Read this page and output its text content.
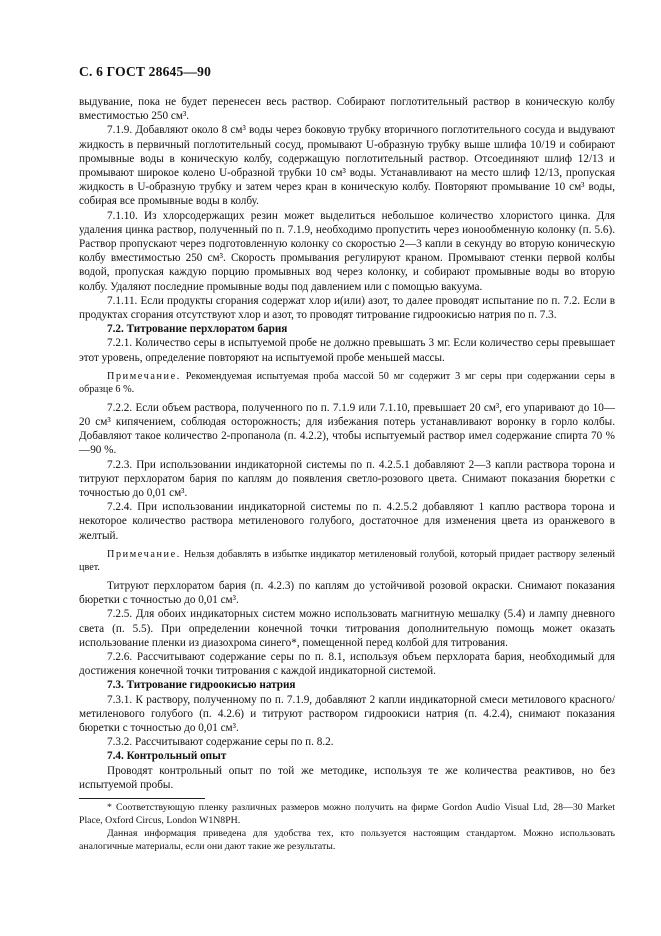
С. 6 ГОСТ 28645—90

выдувание, пока не будет перенесен весь раствор. Собирают поглотительный раствор в коническую колбу вместимостью 250 см³.

7.1.9. Добавляют около 8 см³ воды через боковую трубку вторичного поглотительного сосуда и выдувают жидкость в первичный поглотительный сосуд, промывают U-образную трубку выше шлифа 10/19 и собирают промывные воды в коническую колбу, содержащую поглотительный раствор. Отсоединяют шлиф 12/13 и промывают широкое колено U-образной трубки 10 см³ воды. Устанавливают на место шлиф 12/13, пропуская жидкость в U-образную трубку и затем через кран в коническую колбу. Повторяют промывание 10 см³ воды, собирая все промывные воды в колбу.

7.1.10. Из хлорсодержащих резин может выделиться небольшое количество хлористого цинка. Для удаления цинка раствор, полученный по п. 7.1.9, необходимо пропустить через ионообменную колонку (п. 5.6). Раствор пропускают через подготовленную колонку со скоростью 2—3 капли в секунду во вторую коническую колбу вместимостью 250 см³. Скорость промывания регулируют краном. Промывают стенки первой колбы водой, пропуская каждую порцию промывных вод через колонку, и собирают промывные воды во вторую колбу. Удаляют последние промывные воды под давлением или с помощью вакуума.

7.1.11. Если продукты сгорания содержат хлор и(или) азот, то далее проводят испытание по п. 7.2. Если в продуктах сгорания отсутствуют хлор и азот, то проводят титрование гидроокисью натрия по п. 7.3.

7.2. Титрование перхлоратом бария

7.2.1. Количество серы в испытуемой пробе не должно превышать 3 мг. Если количество серы превышает этот уровень, определение повторяют на испытуемой пробе меньшей массы.

Примечание. Рекомендуемая испытуемая проба массой 50 мг содержит 3 мг серы при содержании серы в образце 6 %.

7.2.2. Если объем раствора, полученного по п. 7.1.9 или 7.1.10, превышает 20 см³, его упаривают до 10—20 см³ кипячением, соблюдая осторожность; для избежания потерь устанавливают воронку в горло колбы. Добавляют такое количество 2-пропанола (п. 4.2.2), чтобы испытуемый раствор имел содержание спирта 70 %—90 %.

7.2.3. При использовании индикаторной системы по п. 4.2.5.1 добавляют 2—3 капли раствора торона и титруют перхлоратом бария по каплям до появления светло-розового цвета. Снимают показания бюретки с точностью до 0,01 см³.

7.2.4. При использовании индикаторной системы по п. 4.2.5.2 добавляют 1 каплю раствора торона и некоторое количество раствора метиленового голубого, достаточное для изменения цвета из оранжевого в желтый.

Примечание. Нельзя добавлять в избытке индикатор метиленовый голубой, который придает раствору зеленый цвет.

Титруют перхлоратом бария (п. 4.2.3) по каплям до устойчивой розовой окраски. Снимают показания бюретки с точностью до 0,01 см³.

7.2.5. Для обоих индикаторных систем можно использовать магнитную мешалку (5.4) и лампу дневного света (п. 5.5). При определении конечной точки титрования дополнительную помощь может оказать использование пленки из диазохрома синего*, помещенной перед колбой для титрования.

7.2.6. Рассчитывают содержание серы по п. 8.1, используя объем перхлората бария, необходимый для достижения конечной точки титрования с каждой индикаторной системой.

7.3. Титрование гидроокисью натрия

7.3.1. К раствору, полученному по п. 7.1.9, добавляют 2 капли индикаторной смеси метилового красного/метиленового голубого (п. 4.2.6) и титруют раствором гидроокиси натрия (п. 4.2.4), снимают показания бюретки с точностью до 0,01 см³.

7.3.2. Рассчитывают содержание серы по п. 8.2.

7.4. Контрольный опыт

Проводят контрольный опыт по той же методике, используя те же количества реактивов, но без испытуемой пробы.

* Соответствующую пленку различных размеров можно получить на фирме Gordon Audio Visual Ltd, 28—30 Market Place, Oxford Circus, London W1N8PH.

Данная информация приведена для удобства тех, кто пользуется настоящим стандартом. Можно использовать аналогичные материалы, если они дают такие же результаты.
